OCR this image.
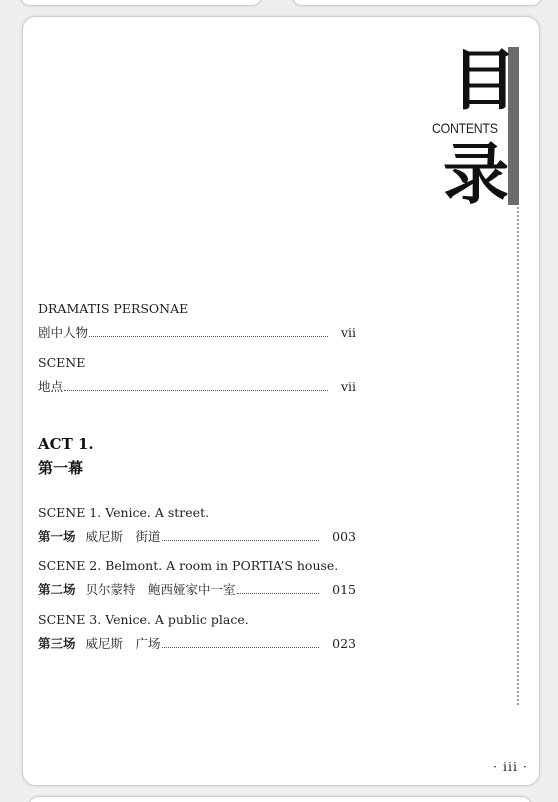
目
CONTENTS
录
DRAMATIS PERSONAE
剧中人物	vii
SCENE
地点	vii
SCENE 1. Venice. A street.
第一场 威尼斯　街道	003
SCENE 2. Belmont. A room in PORTIA’S house.
第二场 贝尔蒙特　鲍西娅家中一室	015
SCENE 3. Venice. A public place.
第三场 威尼斯　广场	023
ACT 1.
第一幕
· iii ·
